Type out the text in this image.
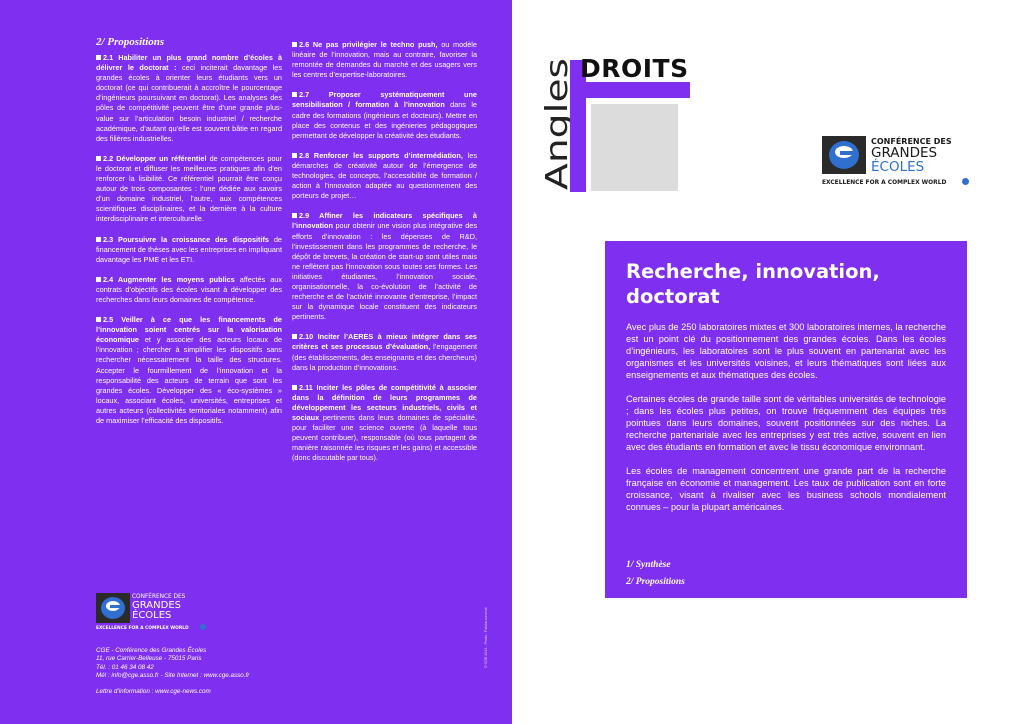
2/ Propositions

2.1 Habiliter un plus grand nombre d’écoles à délivrer le doctorat : ceci inciterait davantage les grandes écoles à orienter leurs étudiants vers un doctorat (ce qui contribuerait à accroître le pourcentage d’ingénieurs poursuivant en doctorat). Les analyses des pôles de compétitivité peuvent être d’une grande plus-value sur l’articulation besoin industriel / recherche académique, d’autant qu’elle est souvent bâtie en regard des filières industrielles.

2.2 Développer un référentiel de compétences pour le doctorat et diffuser les meilleures pratiques afin d’en renforcer la lisibilité. Ce référentiel pourrait être conçu autour de trois composantes : l’une dédiée aux savoirs d’un domaine industriel, l’autre, aux compétences scientifiques disciplinaires, et la dernière à la culture interdisciplinaire et interculturelle.

2.3 Poursuivre la croissance des dispositifs de financement de thèses avec les entreprises en impliquant davantage les PME et les ETI.

2.4 Augmenter les moyens publics affectés aux contrats d’objectifs des écoles visant à développer des recherches dans leurs domaines de compétence.

2.5 Veiller à ce que les financements de l’innovation soient centrés sur la valorisation économique et y associer des acteurs locaux de l’innovation ; chercher à simplifier les dispositifs sans rechercher nécessairement la taille des structures. Accepter le fourmillement de l’innovation et la responsabilité des acteurs de terrain que sont les grandes écoles. Développer des « éco-systèmes » locaux, associant écoles, universités, entreprises et autres acteurs (collectivités territoriales notamment) afin de maximiser l’efficacité des dispositifs.

2.6 Ne pas privilégier le techno push, ou modèle linéaire de l’innovation, mais au contraire, favoriser la remontée de demandes du marché et des usagers vers les centres d’expertise-laboratoires.

2.7 Proposer systématiquement une sensibilisation / formation à l’innovation dans le cadre des formations (ingénieurs et docteurs). Mettre en place des contenus et des ingénieries pédagogiques permettant de développer la créativité des étudiants.

2.8 Renforcer les supports d’intermédiation, les démarches de créativité autour de l’émergence de technologies, de concepts, l’accessibilité de formation / action à l’innovation adaptée au questionnement des porteurs de projet…

2.9 Affiner les indicateurs spécifiques à l’innovation pour obtenir une vision plus intégrative des efforts d’innovation : les dépenses de R&D, l’investissement dans les programmes de recherche, le dépôt de brevets, la création de start-up sont utiles mais ne reflètent pas l’innovation sous toutes ses formes. Les initiatives étudiantes, l’innovation sociale, organisationnelle, la co-évolution de l’activité de recherche et de l’activité innovante d’entreprise, l’impact sur la dynamique locale constituent des indicateurs pertinents.

2.10 Inciter l’AERES à mieux intégrer dans ses critères et ses processus d’évaluation, l’engagement (des établissements, des enseignants et des chercheurs) dans la production d’innovations.

2.11 Inciter les pôles de compétitivité à associer dans la définition de leurs programmes de développement les secteurs industriels, civils et sociaux pertinents dans leurs domaines de spécialité, pour faciliter une science ouverte (à laquelle tous peuvent contribuer), responsable (où tous partagent de manière raisonnée les risques et les gains) et accessible (donc discutable par tous).

CONFÉRENCE DES
GRANDES
ÉCOLES
EXCELLENCE FOR A COMPLEX WORLD
CGE - Conférence des Grandes Écoles
11, rue Carrier-Belleuse - 75015 Paris
Tél. : 01 46 34 08 42
Mél : info@cge.asso.fr - Site Internet : www.cge.asso.fr
Lettre d’information : www.cge-news.com
© CGE 2013 - Photo : Fotolia.com/ruil
Angles
DROITS
CONFÉRENCE DES
GRANDES
ÉCOLES
EXCELLENCE FOR A COMPLEX WORLD
Recherche, innovation, doctorat

Avec plus de 250 laboratoires mixtes et 300 laboratoires internes, la recherche est un point clé du positionnement des grandes écoles. Dans les écoles d’ingénieurs, les laboratoires sont le plus souvent en partenariat avec les organismes et les universités voisines, et leurs thématiques sont liées aux enseignements et aux thématiques des écoles.

Certaines écoles de grande taille sont de véritables universités de technologie ; dans les écoles plus petites, on trouve fréquemment des équipes très pointues dans leurs domaines, souvent positionnées sur des niches. La recherche partenariale avec les entreprises y est très active, souvent en lien avec des étudiants en formation et avec le tissu économique environnant.

Les écoles de management concentrent une grande part de la recherche française en économie et management. Les taux de publication sont en forte croissance, visant à rivaliser avec les business schools mondialement connues – pour la plupart américaines.

1/ Synthèse
2/ Propositions
